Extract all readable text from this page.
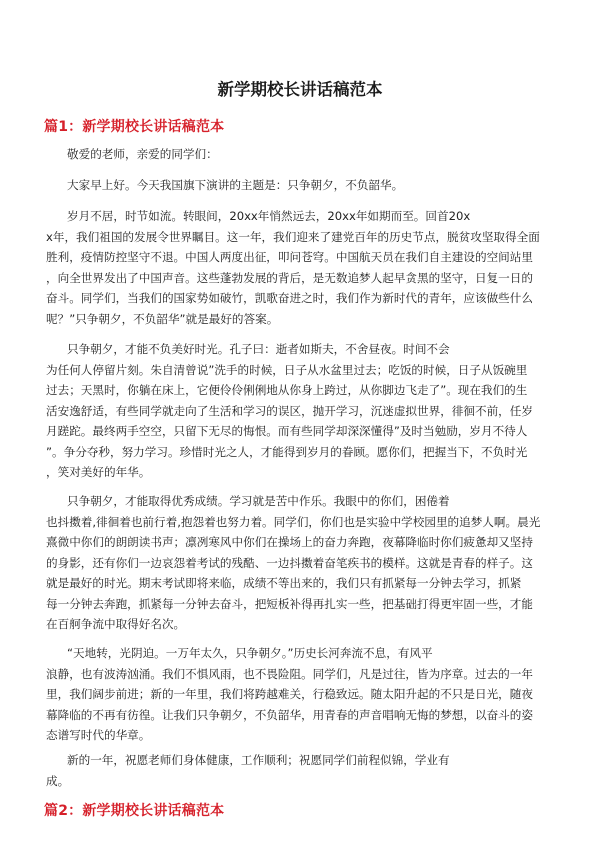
新学期校长讲话稿范本
篇1：新学期校长讲话稿范本
敬爱的老师，亲爱的同学们：
大家早上好。今天我国旗下演讲的主题是：只争朝夕，不负韶华。
岁月不居，时节如流。转眼间，20xx年悄然远去，20xx年如期而至。回首20x
x年，我们祖国的发展令世界瞩目。这一年，我们迎来了建党百年的历史节点，脱贫攻坚取得全面
胜利，疫情防控坚守不退。中国人两度出征，叩问苍穹。中国航天员在我们自主建设的空间站里
，向全世界发出了中国声音。这些蓬勃发展的背后，是无数追梦人起早贪黑的坚守，日复一日的
奋斗。同学们，当我们的国家势如破竹，凯歌奋进之时，我们作为新时代的青年，应该做些什么
呢？”只争朝夕，不负韶华”就是最好的答案。
只争朝夕，才能不负美好时光。孔子曰：逝者如斯夫，不舍昼夜。时间不会
为任何人停留片刻。朱自清曾说”洗手的时候，日子从水盆里过去；吃饭的时候，日子从饭碗里
过去；天黑时，你躺在床上，它便伶伶俐俐地从你身上跨过，从你脚边飞走了”。现在我们的生
活安逸舒适，有些同学就走向了生活和学习的误区，抛开学习，沉迷虚拟世界，徘徊不前，任岁
月蹉跎。最终两手空空，只留下无尽的悔恨。而有些同学却深深懂得”及时当勉励，岁月不待人
”。争分夺秒，努力学习。珍惜时光之人，才能得到岁月的眷顾。愿你们，把握当下，不负时光
，笑对美好的年华。
只争朝夕，才能取得优秀成绩。学习就是苦中作乐。我眼中的你们，困倦着
也抖擞着,徘徊着也前行着,抱怨着也努力着。同学们，你们也是实验中学校园里的追梦人啊。晨光
熹微中你们的朗朗读书声；凛冽寒风中你们在操场上的奋力奔跑，夜幕降临时你们疲惫却又坚持
的身影，还有你们一边哀怨着考试的残酷、一边抖擞着奋笔疾书的模样。这就是青春的样子。这
就是最好的时光。期末考试即将来临，成绩不等出来的，我们只有抓紧每一分钟去学习，抓紧
每一分钟去奔跑，抓紧每一分钟去奋斗，把短板补得再扎实一些，把基础打得更牢固一些，才能
在百舸争流中取得好名次。
“天地转，光阴迫。一万年太久，只争朝夕。”历史长河奔流不息，有风平
浪静，也有波涛汹涌。我们不惧风雨，也不畏险阻。同学们，凡是过往，皆为序章。过去的一年
里，我们阔步前进；新的一年里，我们将跨越难关，行稳致远。随太阳升起的不只是日光，随夜
幕降临的不再有彷徨。让我们只争朝夕，不负韶华，用青春的声音唱响无悔的梦想，以奋斗的姿
态谱写时代的华章。
新的一年，祝愿老师们身体健康，工作顺利；祝愿同学们前程似锦，学业有
成。
篇2：新学期校长讲话稿范本
